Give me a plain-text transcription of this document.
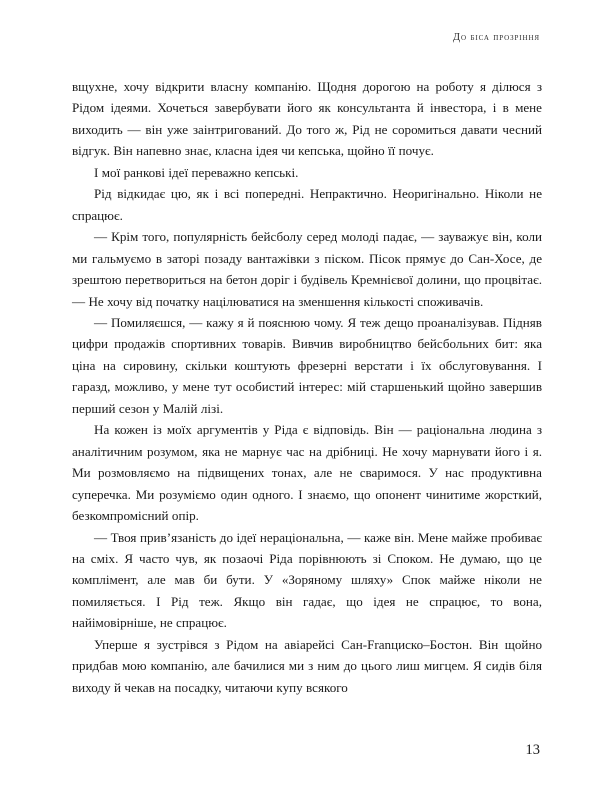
До біса прозріння

вщухне, хочу відкрити власну компанію. Щодня дорогою на роботу я ділюся з Рідом ідеями. Хочеться завербувати його як консультанта й інвестора, і в мене виходить — він уже заінтригований. До того ж, Рід не соромиться давати чесний відгук. Він напевно знає, класна ідея чи кепська, щойно її почує.

І мої ранкові ідеї переважно кепські.

Рід відкидає цю, як і всі попередні. Непрактично. Неоригінально. Ніколи не спрацює.

— Крім того, популярність бейсболу серед молоді падає, — зауважує він, коли ми гальмуємо в заторі позаду вантажівки з піском. Пісок прямує до Сан-Хосе, де зрештою перетвориться на бетон доріг і будівель Кремнієвої долини, що процвітає. — Не хочу від початку націлюватися на зменшення кількості споживачів.

— Помиляєшся, — кажу я й пояснюю чому. Я теж дещо проаналізував. Підняв цифри продажів спортивних товарів. Вивчив виробництво бейсбольних бит: яка ціна на сировину, скільки коштують фрезерні верстати і їх обслуговування. І гаразд, можливо, у мене тут особистий інтерес: мій старшенький щойно завершив перший сезон у Малій лізі.

На кожен із моїх аргументів у Ріда є відповідь. Він — раціональна людина з аналітичним розумом, яка не марнує час на дрібниці. Не хочу марнувати його і я. Ми розмовляємо на підвищених тонах, але не сваримося. У нас продуктивна суперечка. Ми розуміємо один одного. І знаємо, що опонент чинитиме жорсткий, безкомпромісний опір.

— Твоя прив’язаність до ідеї нераціональна, — каже він. Мене майже пробиває на сміх. Я часто чув, як позаочі Ріда порівнюють зі Споком. Не думаю, що це комплімент, але мав би бути. У «Зоряному шляху» Спок майже ніколи не помиляється. І Рід теж. Якщо він гадає, що ідея не спрацює, то вона, найімовірніше, не спрацює.

Уперше я зустрівся з Рідом на авіарейсі Сан-Franциско–Бостон. Він щойно придбав мою компанію, але бачилися ми з ним до цього лиш мигцем. Я сидів біля виходу й чекав на посадку, читаючи купу всякого

13
